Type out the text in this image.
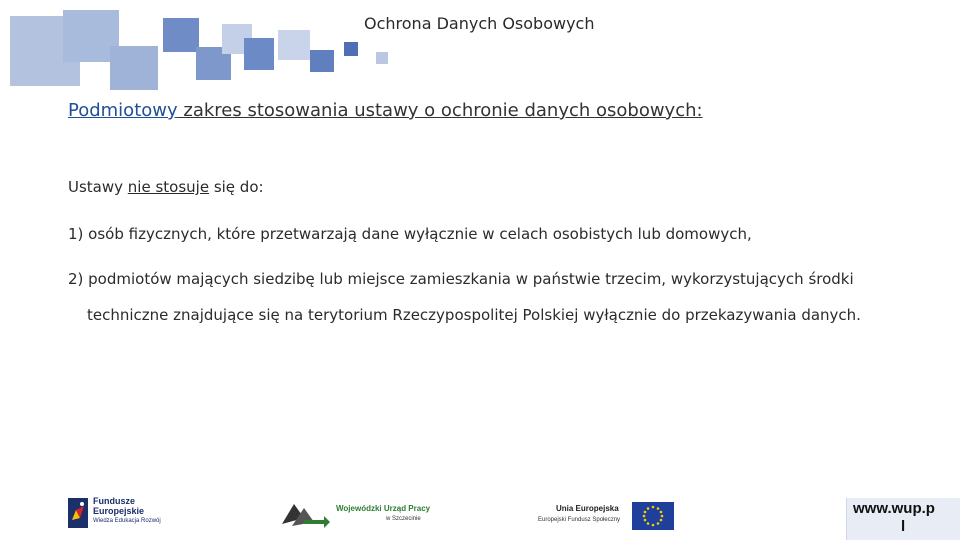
Ochrona Danych Osobowych
Podmiotowy zakres stosowania ustawy o ochronie danych osobowych:
Ustawy nie stosuje się do:
1) osób fizycznych, które przetwarzają dane wyłącznie w celach osobistych lub domowych,
2) podmiotów mających siedzibę lub miejsce zamieszkania w państwie trzecim, wykorzystujących środki
techniczne znajdujące się na terytorium Rzeczypospolitej Polskiej wyłącznie do przekazywania danych.
Fundusze
Europejskie
Wiedza Edukacja Rozwój
Wojewódzki Urząd Pracy
w Szczecinie
Unia Europejska
Europejski Fundusz Społeczny
www.wup.p
l
